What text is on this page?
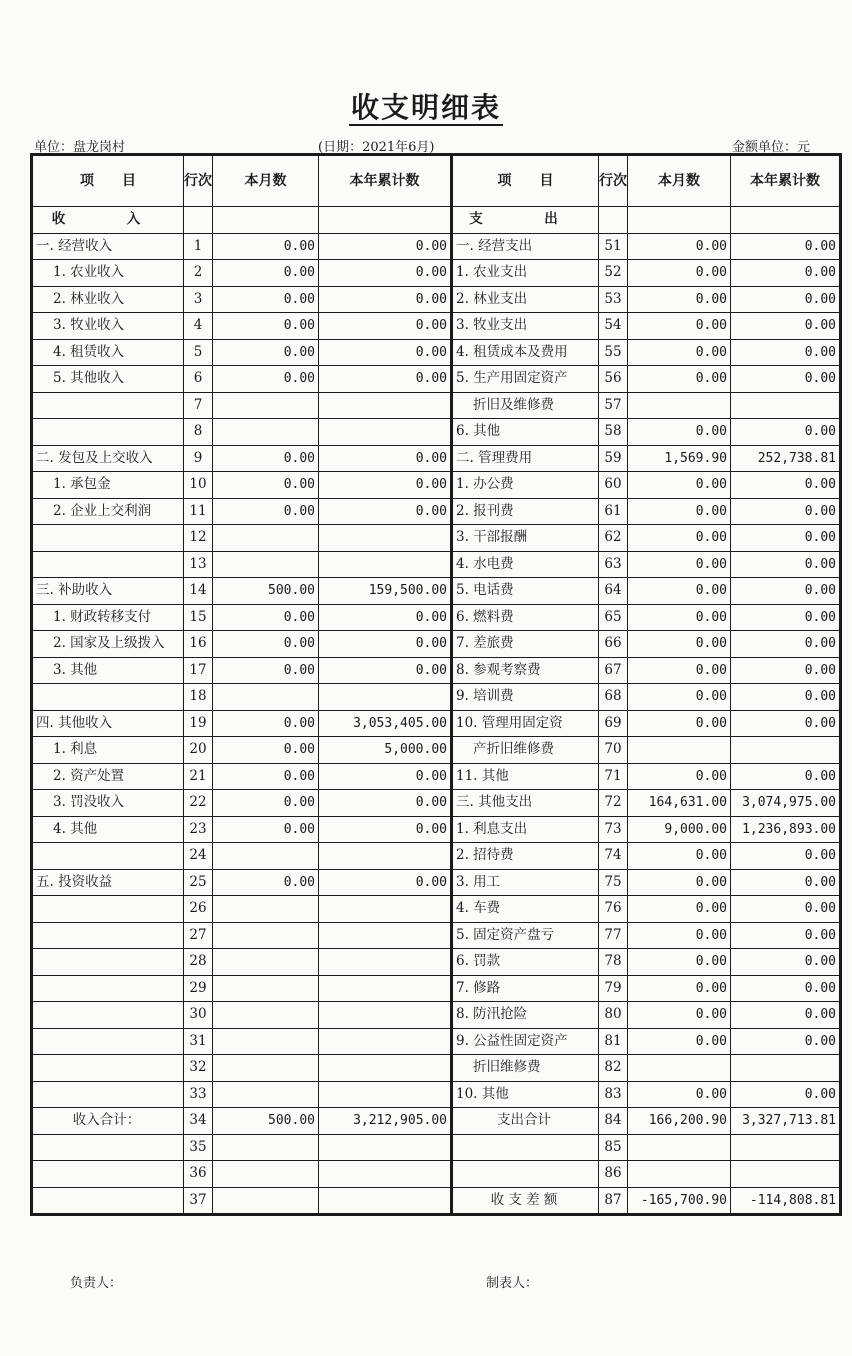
收支明细表
单位：盘龙岗村	(日期：2021年6月)	金额单位：元
项　　目	行次	本月数	本年累计数	项　　目	行次	本月数	本年累计数
收　入				支　出			
一. 经营收入	1	0.00	0.00	一. 经营支出	51	0.00	0.00
1. 农业收入	2	0.00	0.00	1. 农业支出	52	0.00	0.00
2. 林业收入	3	0.00	0.00	2. 林业支出	53	0.00	0.00
3. 牧业收入	4	0.00	0.00	3. 牧业支出	54	0.00	0.00
4. 租赁收入	5	0.00	0.00	4. 租赁成本及费用	55	0.00	0.00
5. 其他收入	6	0.00	0.00	5. 生产用固定资产	56	0.00	0.00
	7			折旧及维修费	57		
	8			6. 其他	58	0.00	0.00
二. 发包及上交收入	9	0.00	0.00	二. 管理费用	59	1,569.90	252,738.81
1. 承包金	10	0.00	0.00	1. 办公费	60	0.00	0.00
2. 企业上交利润	11	0.00	0.00	2. 报刊费	61	0.00	0.00
	12			3. 干部报酬	62	0.00	0.00
	13			4. 水电费	63	0.00	0.00
三. 补助收入	14	500.00	159,500.00	5. 电话费	64	0.00	0.00
1. 财政转移支付	15	0.00	0.00	6. 燃料费	65	0.00	0.00
2. 国家及上级拨入	16	0.00	0.00	7. 差旅费	66	0.00	0.00
3. 其他	17	0.00	0.00	8. 参观考察费	67	0.00	0.00
	18			9. 培训费	68	0.00	0.00
四. 其他收入	19	0.00	3,053,405.00	10. 管理用固定资	69	0.00	0.00
1. 利息	20	0.00	5,000.00	产折旧维修费	70		
2. 资产处置	21	0.00	0.00	11. 其他	71	0.00	0.00
3. 罚没收入	22	0.00	0.00	三. 其他支出	72	164,631.00	3,074,975.00
4. 其他	23	0.00	0.00	1. 利息支出	73	9,000.00	1,236,893.00
	24			2. 招待费	74	0.00	0.00
五. 投资收益	25	0.00	0.00	3. 用工	75	0.00	0.00
	26			4. 车费	76	0.00	0.00
	27			5. 固定资产盘亏	77	0.00	0.00
	28			6. 罚款	78	0.00	0.00
	29			7. 修路	79	0.00	0.00
	30			8. 防汛抢险	80	0.00	0.00
	31			9. 公益性固定资产	81	0.00	0.00
	32			折旧维修费	82		
	33			10. 其他	83	0.00	0.00
收入合计：	34	500.00	3,212,905.00	支出合计	84	166,200.90	3,327,713.81
	35				85		
	36				86		
	37			收 支 差 额	87	-165,700.90	-114,808.81
负责人：	制表人：
